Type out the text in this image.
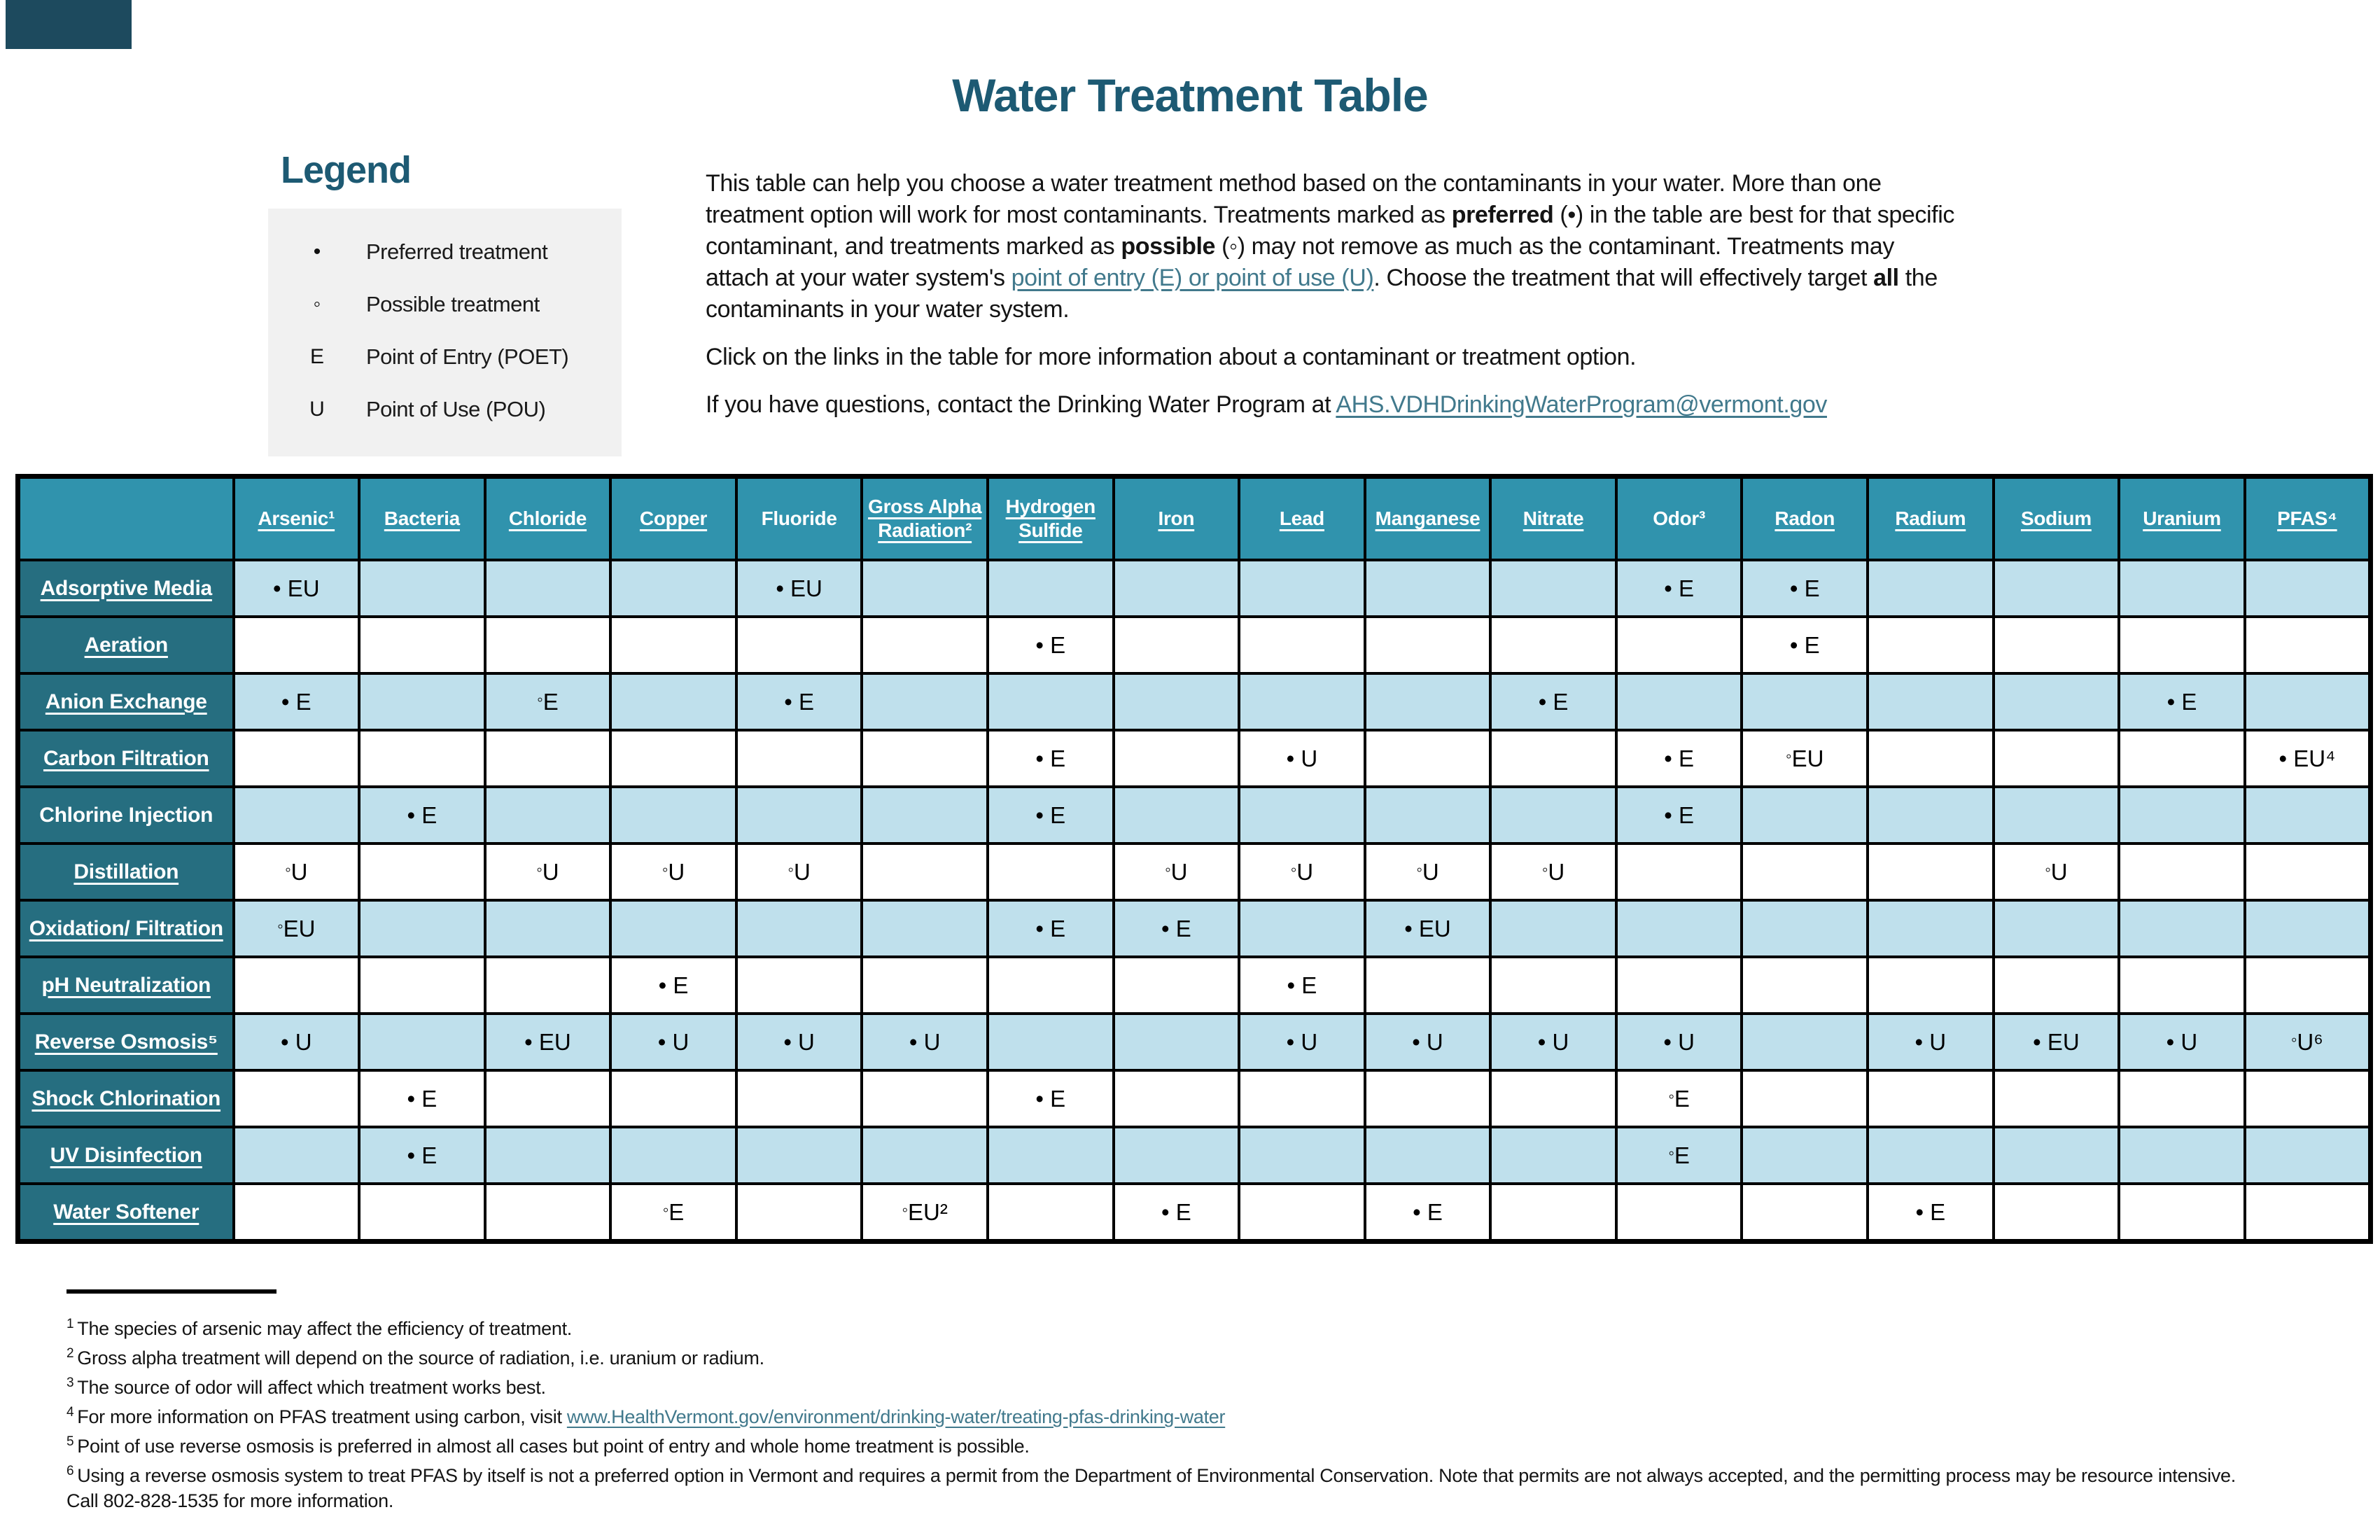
Water Treatment Table
Legend
•	Preferred treatment
◦	Possible treatment
E	Point of Entry (POET)
U	Point of Use (POU)

This table can help you choose a water treatment method based on the contaminants in your water. More than one treatment option will work for most contaminants. Treatments marked as preferred (•) in the table are best for that specific contaminant, and treatments marked as possible (◦) may not remove as much as the contaminant. Treatments may attach at your water system's point of entry (E) or point of use (U). Choose the treatment that will effectively target all the contaminants in your water system.

Click on the links in the table for more information about a contaminant or treatment option.

If you have questions, contact the Drinking Water Program at AHS.VDHDrinkingWaterProgram@vermont.gov

	Arsenic¹	Bacteria	Chloride	Copper	Fluoride	Gross Alpha Radiation²	Hydrogen Sulfide	Iron	Lead	Manganese	Nitrate	Odor³	Radon	Radium	Sodium	Uranium	PFAS⁴
Adsorptive Media	• EU				• EU							• E	• E				
Aeration							• E						• E				
Anion Exchange	• E		◦E		• E						• E					• E	
Carbon Filtration							• E		• U			• E	◦EU				• EU⁴
Chlorine Injection		• E					• E					• E					
Distillation	◦U		◦U	◦U	◦U			◦U	◦U	◦U	◦U				◦U		
Oxidation/ Filtration	◦EU						• E	• E		• EU							
pH Neutralization				• E					• E								
Reverse Osmosis⁵	• U		• EU	• U	• U	• U			• U	• U	• U	• U		• U	• EU	• U	◦U⁶
Shock Chlorination		• E					• E					◦E					
UV Disinfection		• E										◦E					
Water Softener				◦E		◦EU²		• E		• E				• E			
$^1$ The species of arsenic may affect the efficiency of treatment.
$^2$ Gross alpha treatment will depend on the source of radiation, i.e. uranium or radium.
$^3$ The source of odor will affect which treatment works best.
$^4$ For more information on PFAS treatment using carbon, visit www.HealthVermont.gov/environment/drinking-water/treating-pfas-drinking-water
$^5$ Point of use reverse osmosis is preferred in almost all cases but point of entry and whole home treatment is possible.
$^6$ Using a reverse osmosis system to treat PFAS by itself is not a preferred option in Vermont and requires a permit from the Department of Environmental Conservation. Note that permits are not always accepted, and the permitting process may be resource intensive.
Call 802-828-1535 for more information.
